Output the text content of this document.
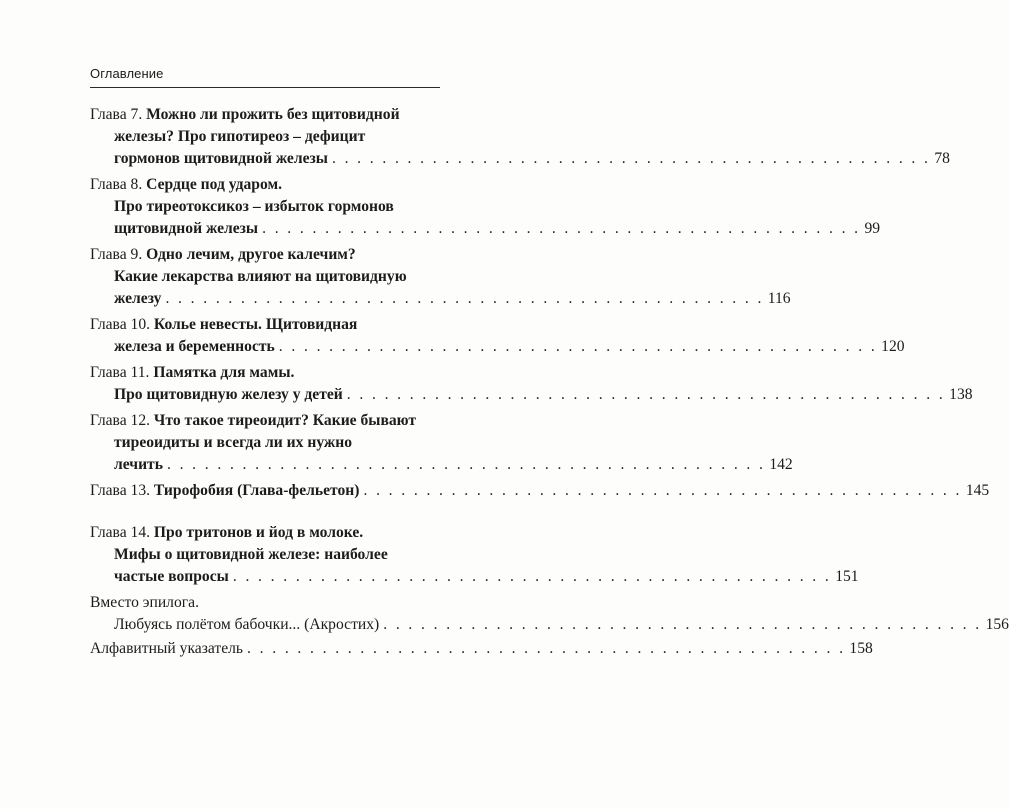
Оглавление
Глава 7. Можно ли прожить без щитовидной
железы? Про гипотиреоз – дефицит
гормонов щитовидной железы . . . . . . . . . . . . . . . . . . . . . . . . . . . . . . . . . . . . . . . . . . . . . . . . 78
Глава 8. Сердце под ударом.
Про тиреотоксикоз – избыток гормонов
щитовидной железы . . . . . . . . . . . . . . . . . . . . . . . . . . . . . . . . . . . . . . . . . . . . . . . . 99
Глава 9. Одно лечим, другое калечим?
Какие лекарства влияют на щитовидную
железу . . . . . . . . . . . . . . . . . . . . . . . . . . . . . . . . . . . . . . . . . . . . . . . . 116
Глава 10. Колье невесты. Щитовидная
железа и беременность . . . . . . . . . . . . . . . . . . . . . . . . . . . . . . . . . . . . . . . . . . . . . . . . 120
Глава 11. Памятка для мамы.
Про щитовидную железу у детей . . . . . . . . . . . . . . . . . . . . . . . . . . . . . . . . . . . . . . . . . . . . . . . . 138
Глава 12. Что такое тиреоидит? Какие бывают
тиреоидиты и всегда ли их нужно
лечить . . . . . . . . . . . . . . . . . . . . . . . . . . . . . . . . . . . . . . . . . . . . . . . . 142
Глава 13. Тирофобия (Глава-фельетон) . . . . . . . . . . . . . . . . . . . . . . . . . . . . . . . . . . . . . . . . . . . . . . . . 145
Глава 14. Про тритонов и йод в молоке.
Мифы о щитовидной железе: наиболее
частые вопросы . . . . . . . . . . . . . . . . . . . . . . . . . . . . . . . . . . . . . . . . . . . . . . . . 151
Вместо эпилога.
Любуясь полётом бабочки... (Акростих) . . . . . . . . . . . . . . . . . . . . . . . . . . . . . . . . . . . . . . . . . . . . . . . . 156
Алфавитный указатель . . . . . . . . . . . . . . . . . . . . . . . . . . . . . . . . . . . . . . . . . . . . . . . . 158
